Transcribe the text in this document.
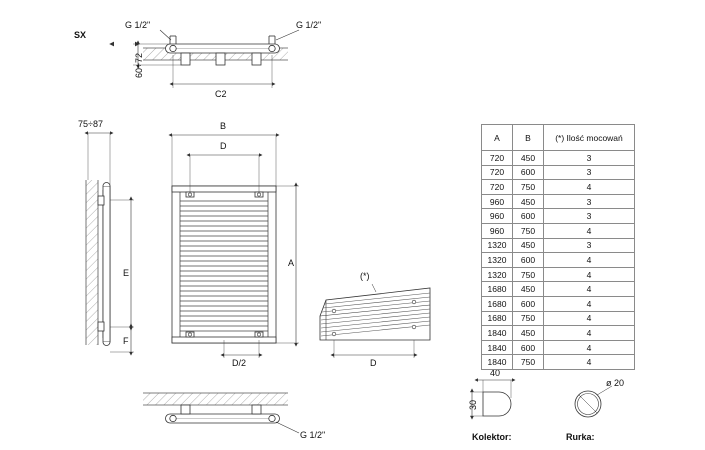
SX
G 1/2"	G 1/2"
60÷72
C2
75÷87
E
F
B
D
A
D/2
(*)
D
G 1/2"
40
30
Kolektor:
ø 20
Rurka:
A	B	(*) Ilość mocowań
720	450	3
720	600	3
720	750	4
960	450	3
960	600	3
960	750	4
1320	450	3
1320	600	4
1320	750	4
1680	450	4
1680	600	4
1680	750	4
1840	450	4
1840	600	4
1840	750	4
